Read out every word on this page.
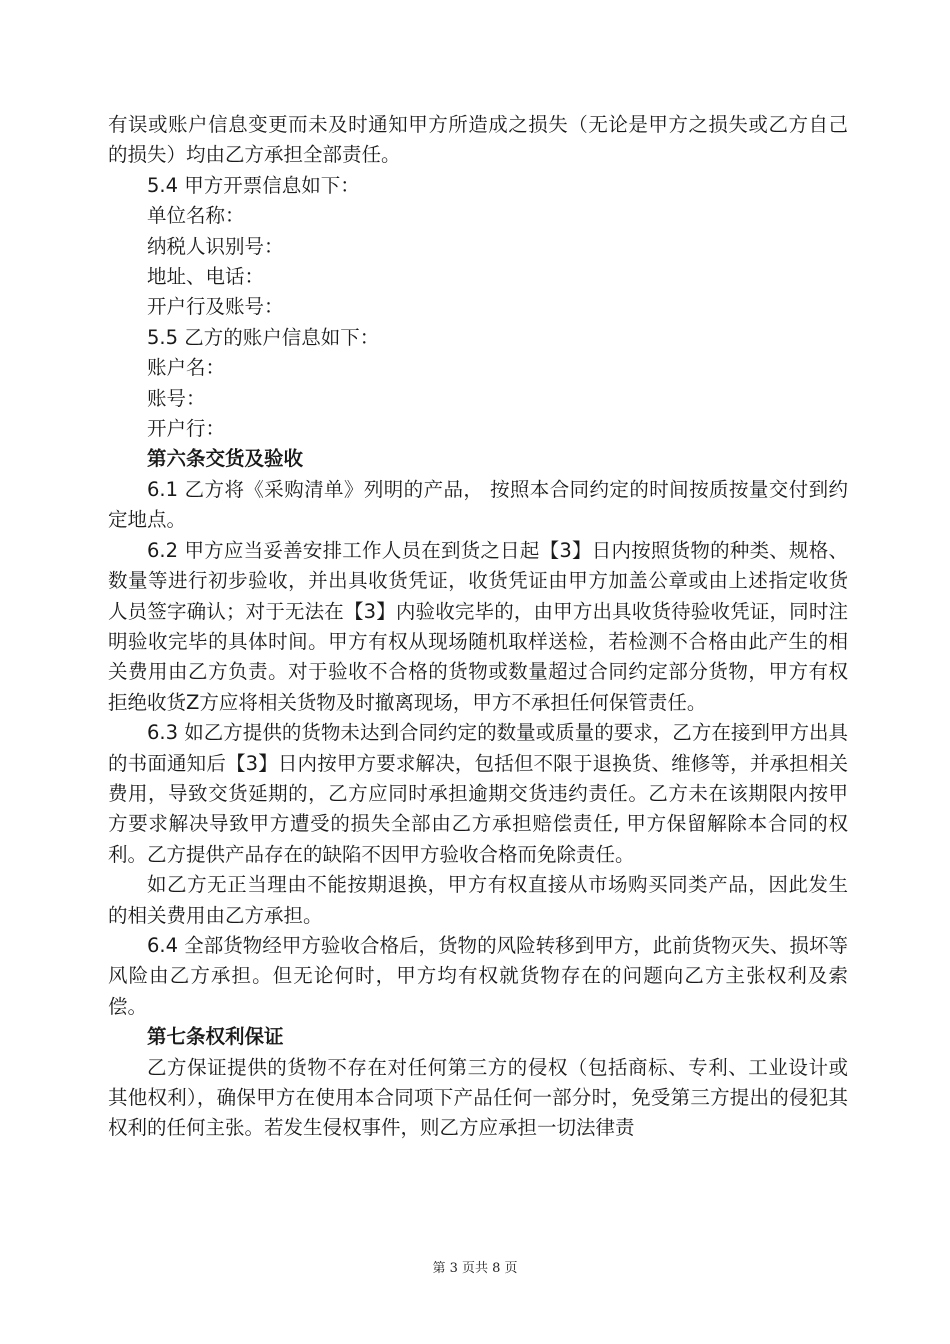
有误或账户信息变更而未及时通知甲方所造成之损失（无论是甲方之损失或乙方自己的损失）均由乙方承担全部责任。

5.4 甲方开票信息如下：

单位名称：

纳税人识别号：

地址、电话：

开户行及账号：

5.5 乙方的账户信息如下：

账户名：

账号：

开户行：

第六条交货及验收

6.1 乙方将《采购清单》列明的产品， 按照本合同约定的时间按质按量交付到约定地点。

6.2 甲方应当妥善安排工作人员在到货之日起【3】日内按照货物的种类、规格、数量等进行初步验收，并出具收货凭证，收货凭证由甲方加盖公章或由上述指定收货人员签字确认；对于无法在【3】内验收完毕的，由甲方出具收货待验收凭证，同时注明验收完毕的具体时间。甲方有权从现场随机取样送检，若检测不合格由此产生的相关费用由乙方负责。对于验收不合格的货物或数量超过合同约定部分货物，甲方有权拒绝收货Z方应将相关货物及时撤离现场，甲方不承担任何保管责任。

6.3 如乙方提供的货物未达到合同约定的数量或质量的要求，乙方在接到甲方出具的书面通知后【3】日内按甲方要求解决，包括但不限于退换货、维修等，并承担相关费用，导致交货延期的，乙方应同时承担逾期交货违约责任。乙方未在该期限内按甲方要求解决导致甲方遭受的损失全部由乙方承担赔偿责任, 甲方保留解除本合同的权利。乙方提供产品存在的缺陷不因甲方验收合格而免除责任。

如乙方无正当理由不能按期退换，甲方有权直接从市场购买同类产品，因此发生的相关费用由乙方承担。

6.4 全部货物经甲方验收合格后，货物的风险转移到甲方，此前货物灭失、损坏等风险由乙方承担。但无论何时，甲方均有权就货物存在的问题向乙方主张权利及索偿。

第七条权利保证

乙方保证提供的货物不存在对任何第三方的侵权（包括商标、专利、工业设计或其他权利），确保甲方在使用本合同项下产品任何一部分时，免受第三方提出的侵犯其权利的任何主张。若发生侵权事件，则乙方应承担一切法律责

第 3 页共 8 页
